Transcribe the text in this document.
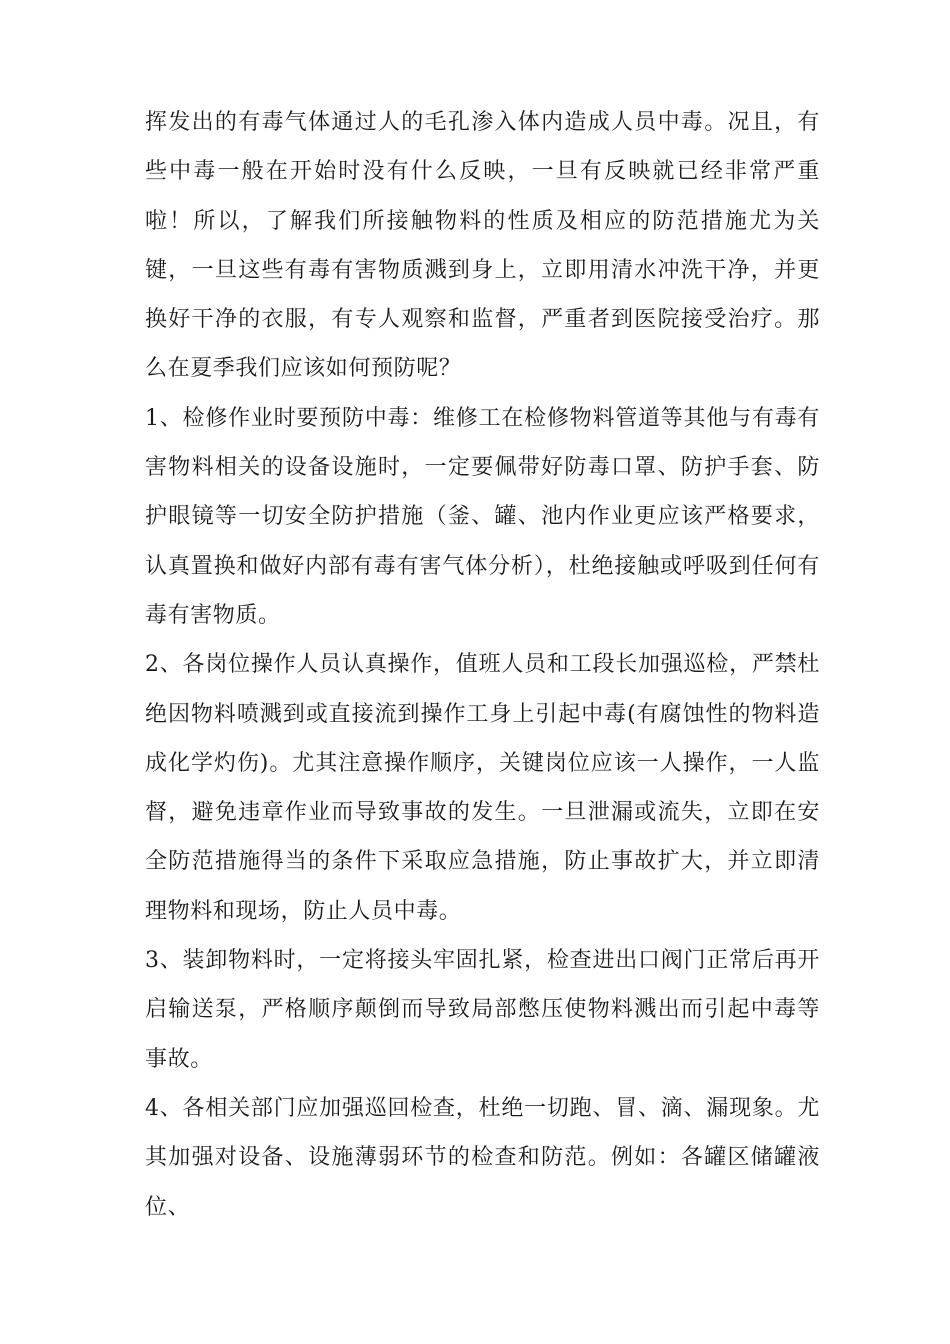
挥发出的有毒气体通过人的毛孔渗入体内造成人员中毒。况且，有些中毒一般在开始时没有什么反映，一旦有反映就已经非常严重啦！所以，了解我们所接触物料的性质及相应的防范措施尤为关键，一旦这些有毒有害物质溅到身上，立即用清水冲洗干净，并更换好干净的衣服，有专人观察和监督，严重者到医院接受治疗。那么在夏季我们应该如何预防呢？

1、检修作业时要预防中毒：维修工在检修物料管道等其他与有毒有害物料相关的设备设施时，一定要佩带好防毒口罩、防护手套、防护眼镜等一切安全防护措施（釜、罐、池内作业更应该严格要求，认真置换和做好内部有毒有害气体分析），杜绝接触或呼吸到任何有毒有害物质。

2、各岗位操作人员认真操作，值班人员和工段长加强巡检，严禁杜绝因物料喷溅到或直接流到操作工身上引起中毒(有腐蚀性的物料造成化学灼伤)。尤其注意操作顺序，关键岗位应该一人操作，一人监督，避免违章作业而导致事故的发生。一旦泄漏或流失，立即在安全防范措施得当的条件下采取应急措施，防止事故扩大，并立即清理物料和现场，防止人员中毒。

3、装卸物料时，一定将接头牢固扎紧，检查进出口阀门正常后再开启输送泵，严格顺序颠倒而导致局部憋压使物料溅出而引起中毒等事故。

4、各相关部门应加强巡回检查，杜绝一切跑、冒、滴、漏现象。尤其加强对设备、设施薄弱环节的检查和防范。例如：各罐区储罐液位、
